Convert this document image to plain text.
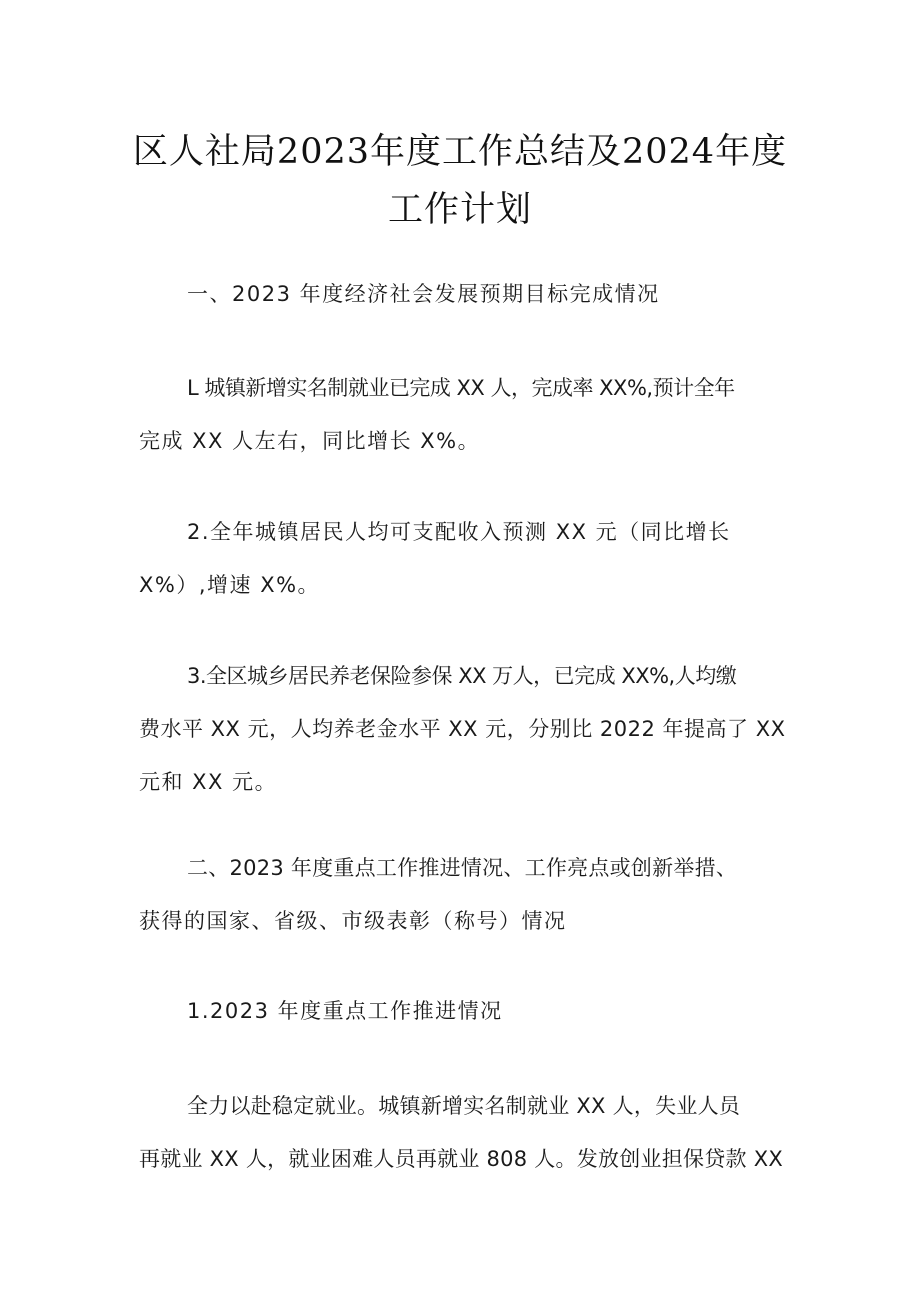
区人社局2023年度工作总结及2024年度
工作计划

一、2023 年度经济社会发展预期目标完成情况

L 城镇新增实名制就业已完成 XX 人，完成率 XX%,预计全年
完成 XX 人左右，同比增长 X%。

2.全年城镇居民人均可支配收入预测 XX 元（同比增长
X%）,增速 X%。

3.全区城乡居民养老保险参保 XX 万人，已完成 XX%,人均缴
费水平 XX 元，人均养老金水平 XX 元，分别比 2022 年提高了 XX
元和 XX 元。

二、2023 年度重点工作推进情况、工作亮点或创新举措、
获得的国家、省级、市级表彰（称号）情况

1.2023 年度重点工作推进情况

全力以赴稳定就业。城镇新增实名制就业 XX 人，失业人员
再就业 XX 人，就业困难人员再就业 808 人。发放创业担保贷款 XX
